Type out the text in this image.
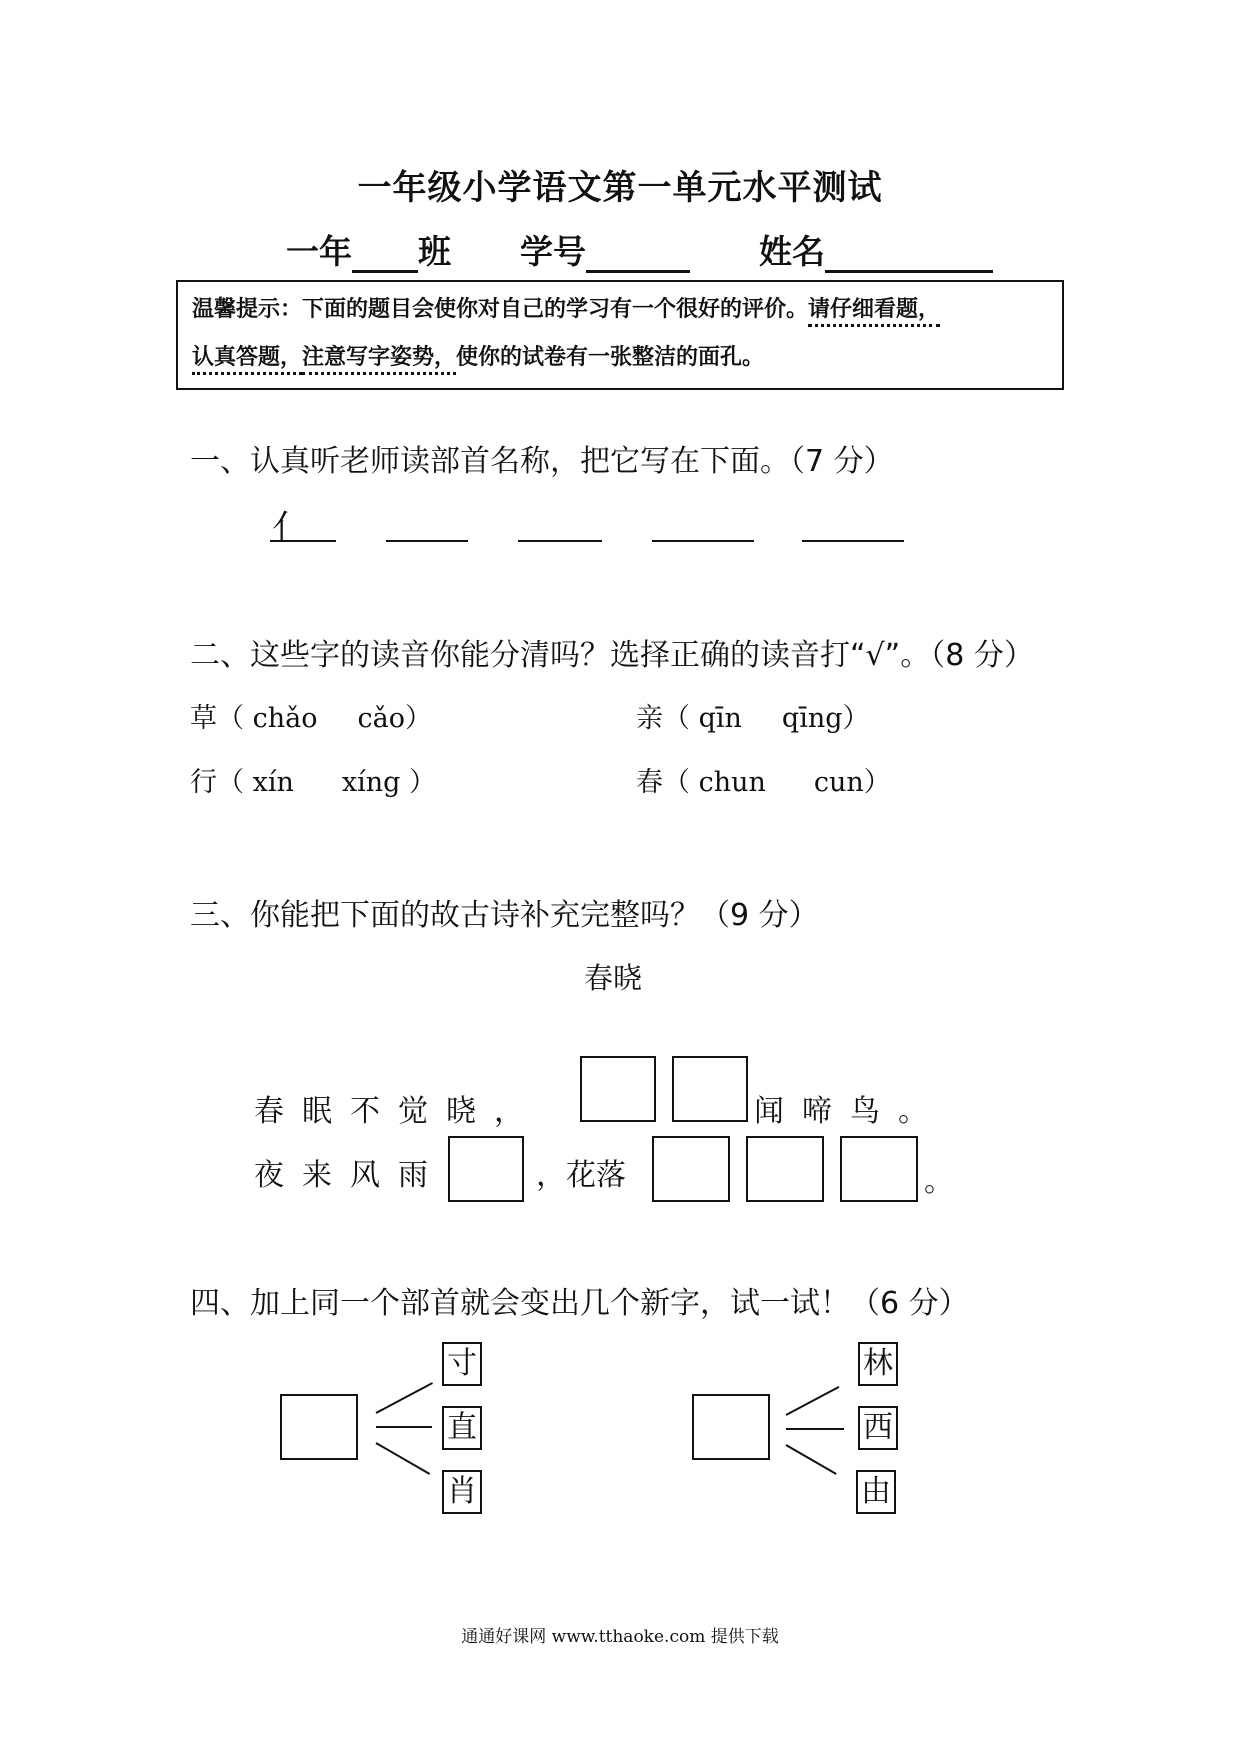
一年级小学语文第一单元水平测试
一年 班 学号	姓名
温馨提示：下面的题目会使你对自己的学习有一个很好的评价。请仔细看题，
认真答题，注意写字姿势，使你的试卷有一张整洁的面孔。
一、认真听老师读部首名称，把它写在下面。（7 分）
亻
二、这些字的读音你能分清吗？选择正确的读音打“√”。（8 分）
草（ chǎo cǎo）	亲（ qīn qīng）
行（ xín xíng ）	春（ chun cun）
三、你能把下面的故古诗补充完整吗？（9 分）
春晓
春眠不觉晓，	闻啼鸟。
夜来风雨	，花落	。
四、加上同一个部首就会变出几个新字，试一试！（6 分）
寸
直
肖
林
西
由
通通好课网 www.tthaoke.com 提供下载
